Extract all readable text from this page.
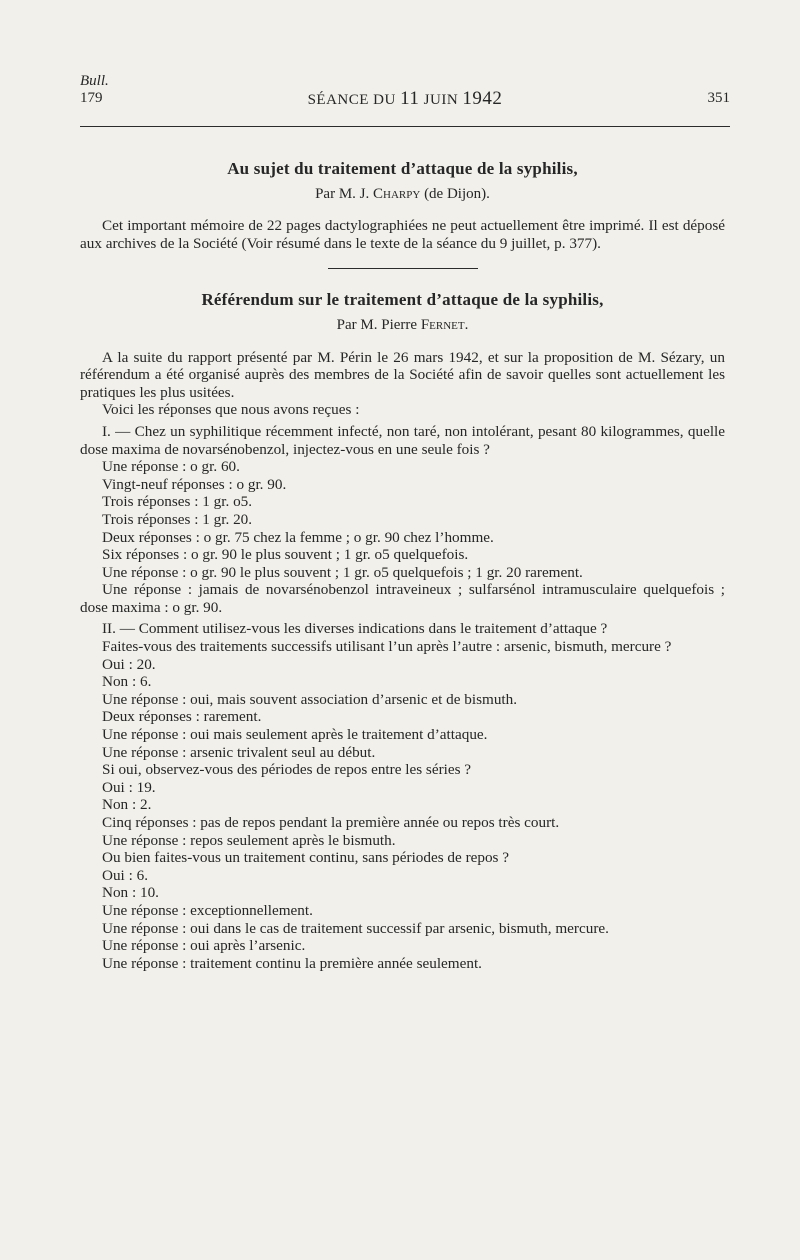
Bull.
179	SÉANCE DU 11 JUIN 1942	351
Au sujet du traitement d’attaque de la syphilis,
Par M. J. Charpy (de Dijon).

Cet important mémoire de 22 pages dactylographiées ne peut actuellement être imprimé. Il est déposé aux archives de la Société (Voir résumé dans le texte de la séance du 9 juillet, p. 377).

Référendum sur le traitement d’attaque de la syphilis,
Par M. Pierre Fernet.

A la suite du rapport présenté par M. Périn le 26 mars 1942, et sur la proposition de M. Sézary, un référendum a été organisé auprès des membres de la Société afin de savoir quelles sont actuellement les pratiques les plus usitées.

Voici les réponses que nous avons reçues :

I. — Chez un syphilitique récemment infecté, non taré, non intolérant, pesant 80 kilogrammes, quelle dose maxima de novarsénobenzol, injectez-vous en une seule fois ?

Une réponse : o gr. 60.
Vingt-neuf réponses : o gr. 90.
Trois réponses : 1 gr. o5.
Trois réponses : 1 gr. 20.
Deux réponses : o gr. 75 chez la femme ; o gr. 90 chez l’homme.
Six réponses : o gr. 90 le plus souvent ; 1 gr. o5 quelquefois.
Une réponse : o gr. 90 le plus souvent ; 1 gr. o5 quelquefois ; 1 gr. 20 rarement.
Une réponse : jamais de novarsénobenzol intraveineux ; sulfarsénol intramusculaire quelquefois ; dose maxima : o gr. 90.

II. — Comment utilisez-vous les diverses indications dans le traitement d’attaque ?

Faites-vous des traitements successifs utilisant l’un après l’autre : arsenic, bismuth, mercure ?

Oui : 20.
Non : 6.
Une réponse : oui, mais souvent association d’arsenic et de bismuth.
Deux réponses : rarement.
Une réponse : oui mais seulement après le traitement d’attaque.
Une réponse : arsenic trivalent seul au début.
Si oui, observez-vous des périodes de repos entre les séries ?
Oui : 19.
Non : 2.
Cinq réponses : pas de repos pendant la première année ou repos très court.
Une réponse : repos seulement après le bismuth.
Ou bien faites-vous un traitement continu, sans périodes de repos ?
Oui : 6.
Non : 10.
Une réponse : exceptionnellement.
Une réponse : oui dans le cas de traitement successif par arsenic, bismuth, mercure.
Une réponse : oui après l’arsenic.
Une réponse : traitement continu la première année seulement.
